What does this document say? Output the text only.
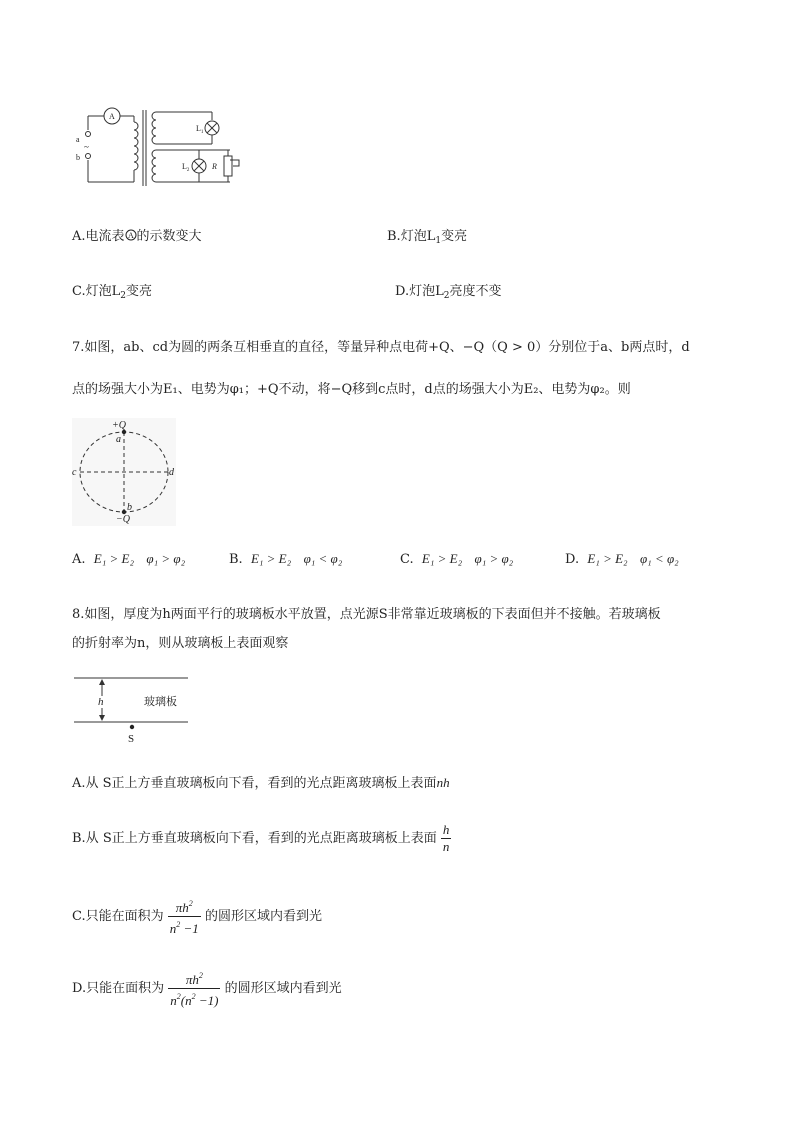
A
a
~
b
$L_1$
$L_2$	R
A.电流表 A 的示数变大	B.灯泡$L_1$变亮
C.灯泡$L_2$变亮	D.灯泡$L_2$亮度不变
7.如图，ab、cd为圆的两条互相垂直的直径，等量异种点电荷+Q、−Q（Q > 0）分别位于a、b两点时，d
点的场强大小为E₁、电势为φ₁；+Q不动，将−Q移到c点时，d点的场强大小为E₂、电势为φ₂。则
+Q
a
c	d
b
−Q
A. E₁ > E₂ φ₁ > φ₂	B. E₁ > E₂ φ₁ < φ₂	C. E₁ > E₂ φ₁ > φ₂	D. E₁ > E₂ φ₁ < φ₂
8.如图，厚度为h两面平行的玻璃板水平放置，点光源S非常靠近玻璃板的下表面但并不接触。若玻璃板
的折射率为n，则从玻璃板上表面观察
h	玻璃板
S
A.从 S正上方垂直玻璃板向下看，看到的光点距离玻璃板上表面nh
B.从 S正上方垂直玻璃板向下看，看到的光点距离玻璃板上表面 $\frac{h}{n}$
C.只能在面积为 $\frac{\pi h^2}{n^2 -1}$ 的圆形区域内看到光
D.只能在面积为 $\frac{\pi h^2}{n^2(n^2 -1)}$ 的圆形区域内看到光
